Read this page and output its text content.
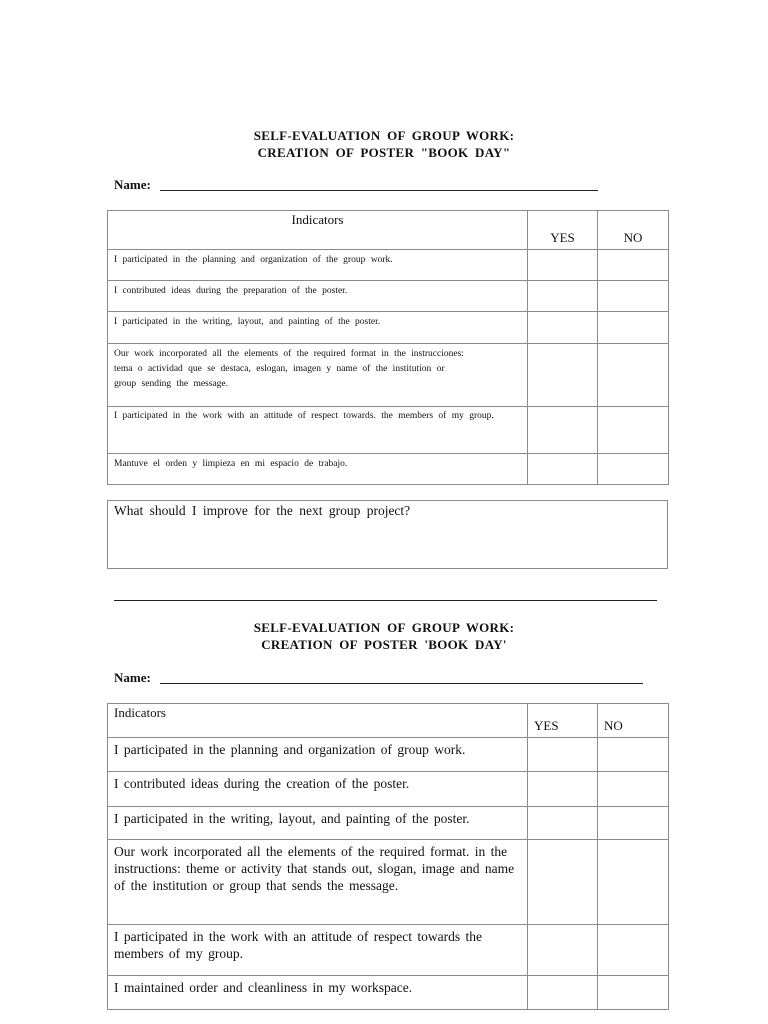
SELF-EVALUATION OF GROUP WORK:
CREATION OF POSTER "BOOK DAY"
Name:
Indicators	YES	NO
I participated in the planning and organization of the group work.		
I contributed ideas during the preparation of the poster.		
I participated in the writing, layout, and painting of the poster.		
Our work incorporated all the elements of the required format in the instrucciones: tema o actividad que se destaca, eslogan, imagen y name of the institution or group sending the message.		
I participated in the work with an attitude of respect towards. the members of my group.		
Mantuve el orden y limpieza en mi espacio de trabajo.		
What should I improve for the next group project?
SELF-EVALUATION OF GROUP WORK:
CREATION OF POSTER 'BOOK DAY'
Name:
Indicators	YES	NO
I participated in the planning and organization of group work.		
I contributed ideas during the creation of the poster.		
I participated in the writing, layout, and painting of the poster.		
Our work incorporated all the elements of the required format. in the instructions: theme or activity that stands out, slogan, image and name of the institution or group that sends the message.		
I participated in the work with an attitude of respect towards the members of my group.		
I maintained order and cleanliness in my workspace.		
